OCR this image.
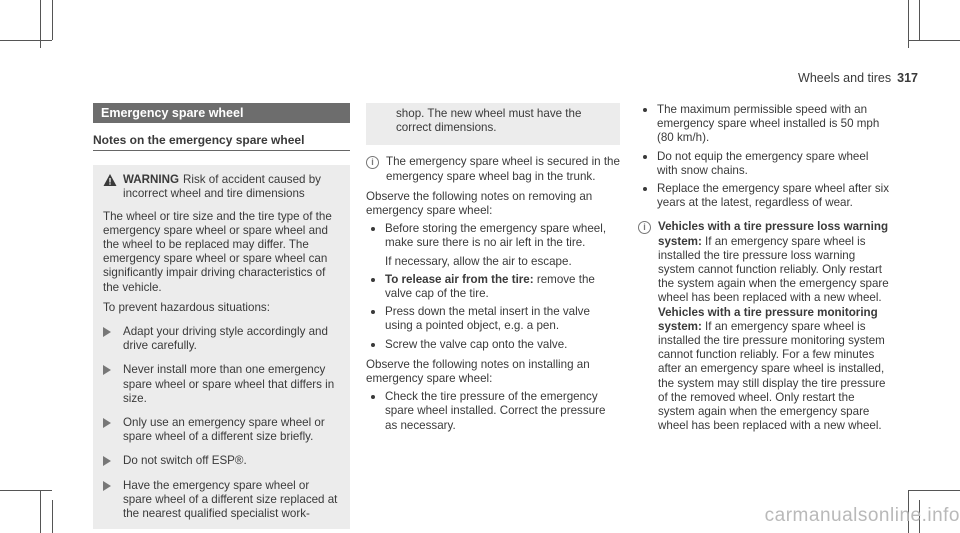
Wheels and tires 317
Emergency spare wheel
Notes on the emergency spare wheel

WARNING Risk of accident caused by incorrect wheel and tire dimensions

The wheel or tire size and the tire type of the emergency spare wheel or spare wheel and the wheel to be replaced may differ. The emergency spare wheel or spare wheel can significantly impair driving characteristics of the vehicle.

To prevent hazardous situations:

Adapt your driving style accordingly and drive carefully.

Never install more than one emergency spare wheel or spare wheel that differs in size.

Only use an emergency spare wheel or spare wheel of a different size briefly.

Do not switch off ESP®.

Have the emergency spare wheel or spare wheel of a different size replaced at the nearest qualified specialist work-

shop. The new wheel must have the correct dimensions.

i	The emergency spare wheel is secured in the emergency spare wheel bag in the trunk.

Observe the following notes on removing an emergency spare wheel:

Before storing the emergency spare wheel, make sure there is no air left in the tire.

If necessary, allow the air to escape.

To release air from the tire: remove the valve cap of the tire.

Press down the metal insert in the valve using a pointed object, e.g. a pen.

Screw the valve cap onto the valve.

Observe the following notes on installing an emergency spare wheel:

Check the tire pressure of the emergency spare wheel installed. Correct the pressure as necessary.

The maximum permissible speed with an emergency spare wheel installed is 50 mph (80 km/h).

Do not equip the emergency spare wheel with snow chains.

Replace the emergency spare wheel after six years at the latest, regardless of wear.

i	Vehicles with a tire pressure loss warning system: If an emergency spare wheel is installed the tire pressure loss warning system cannot function reliably. Only restart the system again when the emergency spare wheel has been replaced with a new wheel. Vehicles with a tire pressure monitoring system: If an emergency spare wheel is installed the tire pressure monitoring system cannot function reliably. For a few minutes after an emergency spare wheel is installed, the system may still display the tire pressure of the removed wheel. Only restart the system again when the emergency spare wheel has been replaced with a new wheel.

carmanualsonline.info
